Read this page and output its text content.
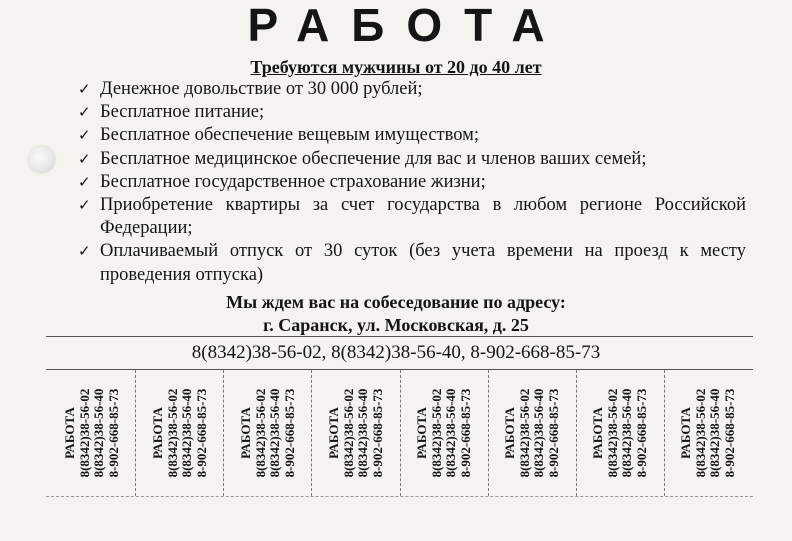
РАБОТА
Требуются мужчины от 20 до 40 лет
✓ Денежное довольствие от 30 000 рублей;
✓ Бесплатное питание;
✓ Бесплатное обеспечение вещевым имуществом;
✓ Бесплатное медицинское обеспечение для вас и членов ваших семей;
✓ Бесплатное государственное страхование жизни;
✓ Приобретение квартиры за счет государства в любом регионе Российской Федерации;
✓ Оплачиваемый отпуск от 30 суток (без учета времени на проезд к месту проведения отпуска)
Мы ждем вас на собеседование по адресу:
г. Саранск, ул. Московская, д. 25
8(8342)38-56-02, 8(8342)38-56-40, 8-902-668-85-73
РАБОТА 8(8342)38-56-02 8(8342)38-56-40 8-902-668-85-73 РАБОТА 8(8342)38-56-02 8(8342)38-56-40 8-902-668-85-73 РАБОТА 8(8342)38-56-02 8(8342)38-56-40 8-902-668-85-73 РАБОТА 8(8342)38-56-02 8(8342)38-56-40 8-902-668-85-73 РАБОТА 8(8342)38-56-02 8(8342)38-56-40 8-902-668-85-73 РАБОТА 8(8342)38-56-02 8(8342)38-56-40 8-902-668-85-73 РАБОТА 8(8342)38-56-02 8(8342)38-56-40 8-902-668-85-73 РАБОТА 8(8342)38-56-02 8(8342)38-56-40 8-902-668-85-73
